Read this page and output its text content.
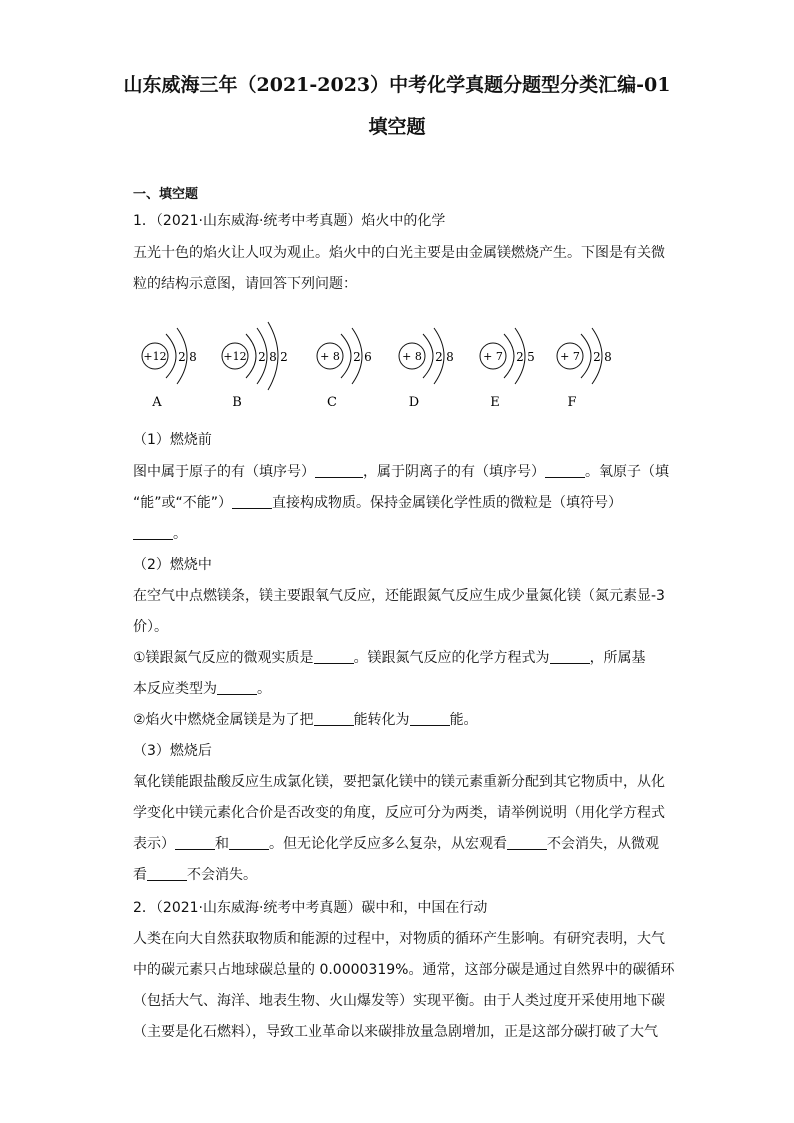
山东威海三年（2021-2023）中考化学真题分题型分类汇编-01
填空题
一、填空题
1．（2021·山东威海·统考中考真题）焰火中的化学
五光十色的焰火让人叹为观止。焰火中的白光主要是由金属镁燃烧产生。下图是有关微
粒的结构示意图，请回答下列问题：
+12 2 8
A
+12 2 8 2
B
+ 8 2 6
C
+ 8 2 8
D
+ 7 2 5
E
+ 7 2 8
F
（1）燃烧前
图中属于原子的有（填序号）	，属于阴离子的有（填序号）	。氧原子（填
“能”或“不能”）	直接构成物质。保持金属镁化学性质的微粒是（填符号）
。
（2）燃烧中
在空气中点燃镁条，镁主要跟氧气反应，还能跟氮气反应生成少量氮化镁（氮元素显-3
价）。
①镁跟氮气反应的微观实质是	。镁跟氮气反应的化学方程式为	，所属基
本反应类型为	。
②焰火中燃烧金属镁是为了把	能转化为	能。
（3）燃烧后
氧化镁能跟盐酸反应生成氯化镁，要把氯化镁中的镁元素重新分配到其它物质中，从化
学变化中镁元素化合价是否改变的角度，反应可分为两类，请举例说明（用化学方程式
表示）	和	。但无论化学反应多么复杂，从宏观看	不会消失，从微观
看	不会消失。
2．（2021·山东威海·统考中考真题）碳中和，中国在行动
人类在向大自然获取物质和能源的过程中，对物质的循环产生影响。有研究表明，大气
中的碳元素只占地球碳总量的 0.0000319%。通常，这部分碳是通过自然界中的碳循环
（包括大气、海洋、地表生物、火山爆发等）实现平衡。由于人类过度开采使用地下碳
（主要是化石燃料），导致工业革命以来碳排放量急剧增加，正是这部分碳打破了大气
